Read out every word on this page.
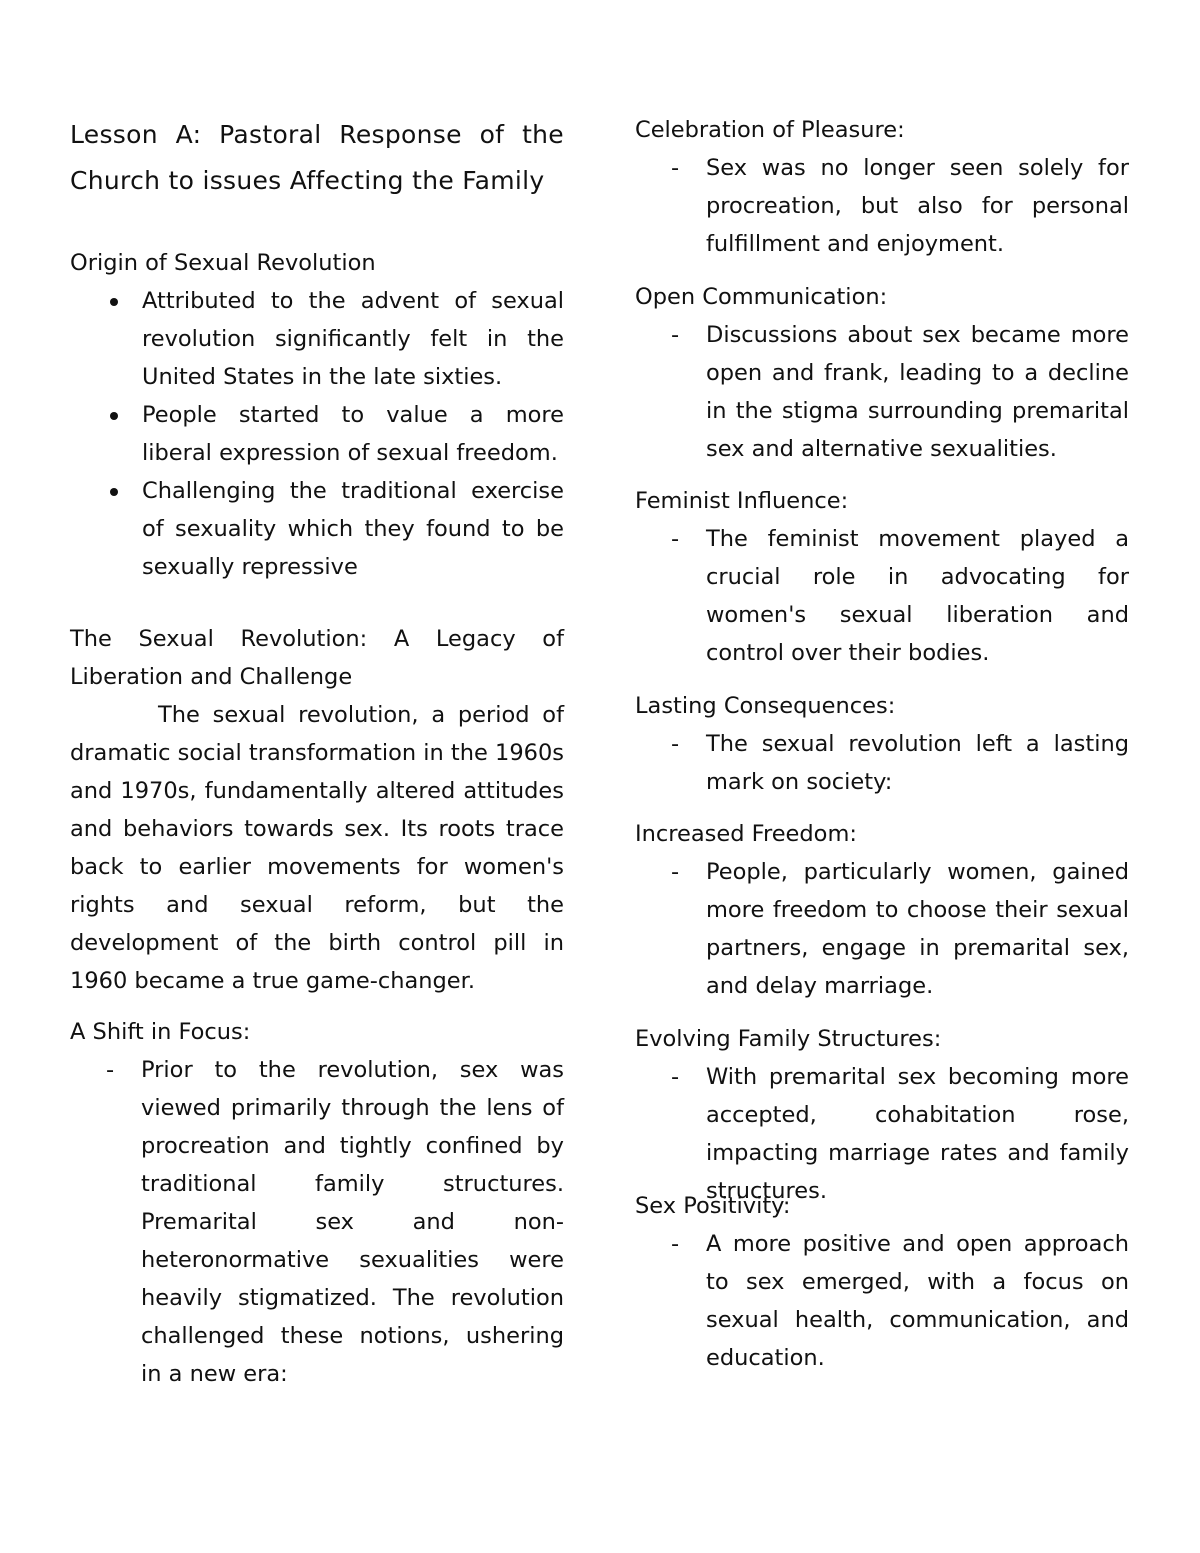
Lesson A: Pastoral Response of the Church to issues Affecting the Family
Origin of Sexual Revolution
Attributed to the advent of sexual revolution significantly felt in the United States in the late sixties.
People started to value a more liberal expression of sexual freedom.
Challenging the traditional exercise of sexuality which they found to be sexually repressive
The Sexual Revolution: A Legacy of Liberation and Challenge
The sexual revolution, a period of dramatic social transformation in the 1960s and 1970s, fundamentally altered attitudes and behaviors towards sex. Its roots trace back to earlier movements for women's rights and sexual reform, but the development of the birth control pill in 1960 became a true game-changer.
A Shift in Focus:
- Prior to the revolution, sex was viewed primarily through the lens of procreation and tightly confined by traditional family structures. Premarital sex and non-heteronormative sexualities were heavily stigmatized. The revolution challenged these notions, ushering in a new era:
Celebration of Pleasure:
- Sex was no longer seen solely for procreation, but also for personal fulfillment and enjoyment.
Open Communication:
- Discussions about sex became more open and frank, leading to a decline in the stigma surrounding premarital sex and alternative sexualities.
Feminist Influence:
- The feminist movement played a crucial role in advocating for women's sexual liberation and control over their bodies.
Lasting Consequences:
- The sexual revolution left a lasting mark on society:
Increased Freedom:
- People, particularly women, gained more freedom to choose their sexual partners, engage in premarital sex, and delay marriage.
Evolving Family Structures:
- With premarital sex becoming more accepted, cohabitation rose, impacting marriage rates and family structures.
Sex Positivity:
- A more positive and open approach to sex emerged, with a focus on sexual health, communication, and education.
